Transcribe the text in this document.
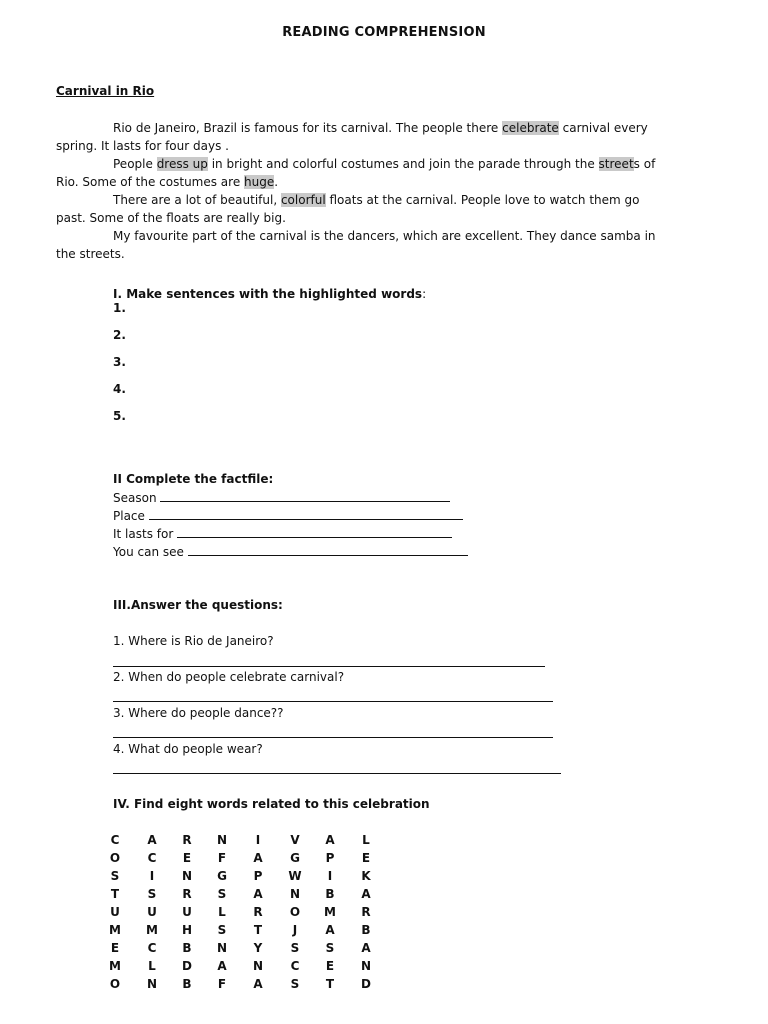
READING COMPREHENSION
Carnival in Rio
Rio de Janeiro, Brazil is famous for its carnival. The people there celebrate carnival every
spring. It lasts for four days .
People dress up in bright and colorful costumes and join the parade through the streets of
Rio. Some of the costumes are huge.
There are a lot of beautiful, colorful floats at the carnival. People love to watch them go
past. Some of the floats are really big.
My favourite part of the carnival is the dancers, which are excellent. They dance samba in
the streets.
I. Make sentences with the highlighted words:
1.
2.
3.
4.
5.
II Complete the factfile:
Season
Place
It lasts for
You can see
III.Answer the questions:
1. Where is Rio de Janeiro?
2. When do people celebrate carnival?
3. Where do people dance??
4. What do people wear?
IV. Find eight words related to this celebration
C A R N	I	V A L
O C E F A G P E
S	I	N G P W	I	K
T S R S A N B A
U U U L R O M R
M M H S T	J	A B
E C B N Y S S A
M L D A N C E N
O N B F A S T D
